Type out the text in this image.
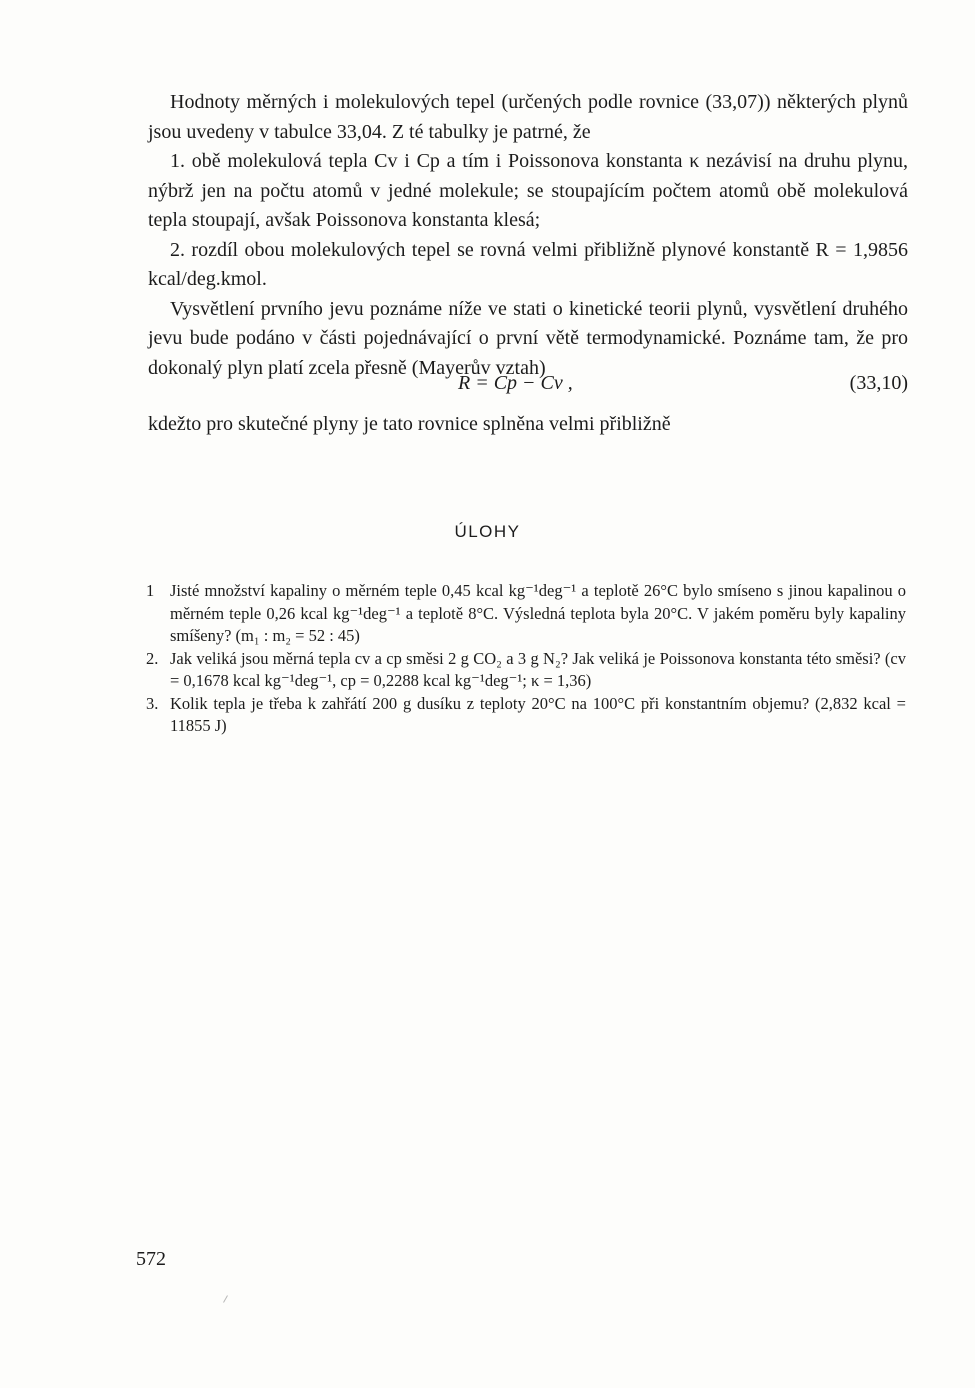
Hodnoty měrných i molekulových tepel (určených podle rovnice (33,07)) některých plynů jsou uvedeny v tabulce 33,04. Z té tabulky je patrné, že

1. obě molekulová tepla Cv i Cp a tím i Poissonova konstanta κ nezávisí na druhu plynu, nýbrž jen na počtu atomů v jedné molekule; se stoupajícím počtem atomů obě molekulová tepla stoupají, avšak Poissonova konstanta klesá;

2. rozdíl obou molekulových tepel se rovná velmi přibližně plynové konstantě R = 1,9856 kcal/deg.kmol.

Vysvětlení prvního jevu poznáme níže ve stati o kinetické teorii plynů, vysvětlení druhého jevu bude podáno v části pojednávající o první větě termodynamické. Poznáme tam, že pro dokonalý plyn platí zcela přesně (Mayerův vztah)

R = Cp − Cv ,	(33,10)
kdežto pro skutečné plyny je tato rovnice splněna velmi přibližně
ÚLOHY
1 Jisté množství kapaliny o měrném teple 0,45 kcal kg⁻¹deg⁻¹ a teplotě 26°C bylo smíseno s jinou kapalinou o měrném teple 0,26 kcal kg⁻¹deg⁻¹ a teplotě 8°C. Výsledná teplota byla 20°C. V jakém poměru byly kapaliny smíšeny? (m₁ : m₂ = 52 : 45)
2. Jak veliká jsou měrná tepla cv a cp směsi 2 g CO₂ a 3 g N₂? Jak veliká je Poissonova konstanta této směsi? (cv = 0,1678 kcal kg⁻¹deg⁻¹, cp = 0,2288 kcal kg⁻¹deg⁻¹; κ = 1,36)
3. Kolik tepla je třeba k zahřátí 200 g dusíku z teploty 20°C na 100°C při konstantním objemu? (2,832 kcal = 11855 J)
572
